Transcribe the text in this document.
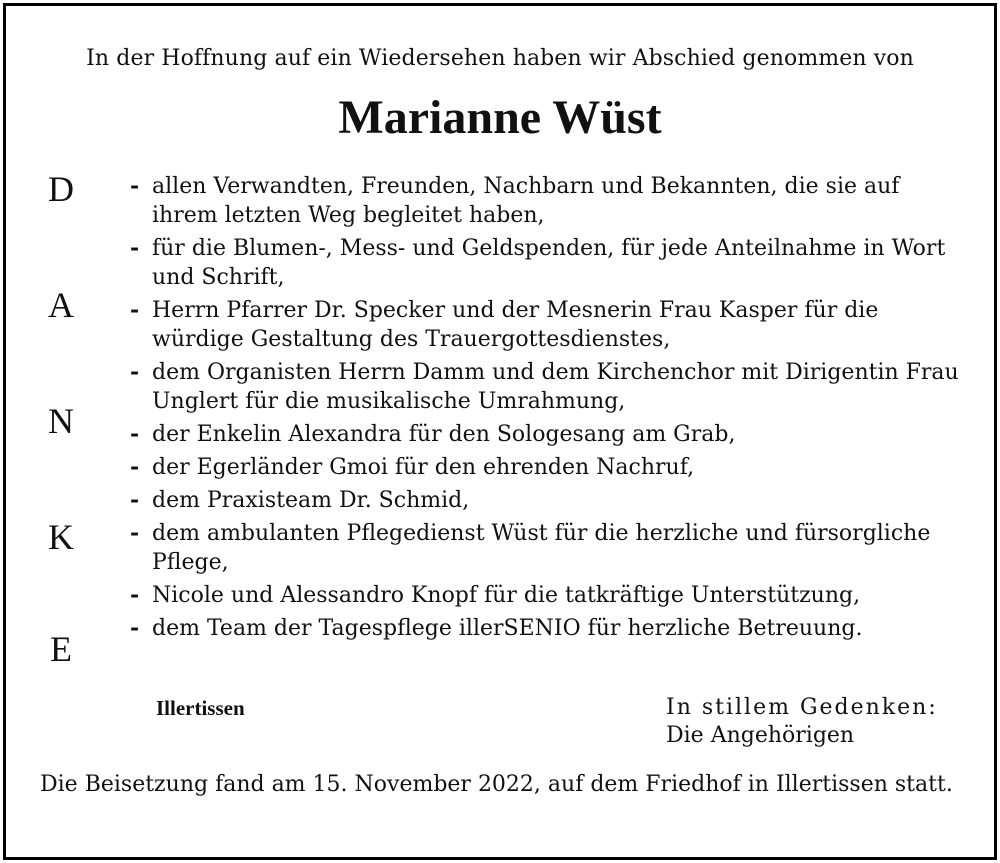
In der Hoffnung auf ein Wiedersehen haben wir Abschied genommen von
Marianne Wüst
D
A
N
K
E
- allen Verwandten, Freunden, Nachbarn und Bekannten, die sie auf ihrem letzten Weg begleitet haben,
- für die Blumen-, Mess- und Geldspenden, für jede Anteilnahme in Wort und Schrift,
- Herrn Pfarrer Dr. Specker und der Mesnerin Frau Kasper für die würdige Gestaltung des Trauergottesdienstes,
- dem Organisten Herrn Damm und dem Kirchenchor mit Dirigentin Frau Unglert für die musikalische Umrahmung,
- der Enkelin Alexandra für den Sologesang am Grab,
- der Egerländer Gmoi für den ehrenden Nachruf,
- dem Praxisteam Dr. Schmid,
- dem ambulanten Pflegedienst Wüst für die herzliche und fürsorgliche Pflege,
- Nicole und Alessandro Knopf für die tatkräftige Unterstützung,
- dem Team der Tagespflege illerSENIO für herzliche Betreuung.
Illertissen	In stillem Gedenken:
Die Angehörigen
Die Beisetzung fand am 15. November 2022, auf dem Friedhof in Illertissen statt.
